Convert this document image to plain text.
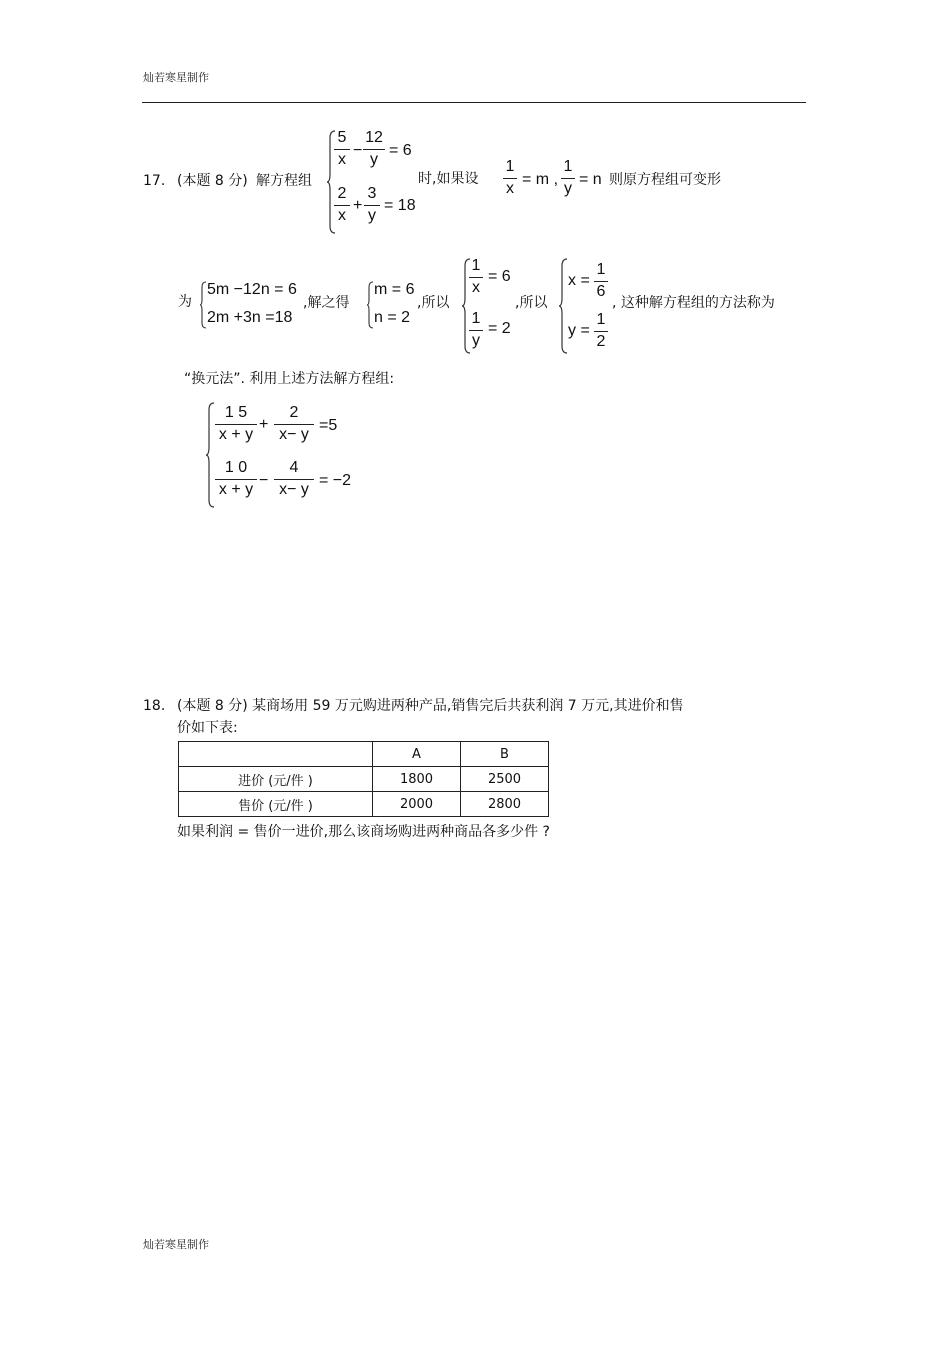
灿若寒星制作
灿若寒星制作
17. (本题 8 分) 解方程组
$\frac{5}{x} - \frac{12}{y} = 6$
$\frac{2}{x} + \frac{3}{y} = 18$
时,如果设 $\frac{1}{x} = m$ , $\frac{1}{y} = n$ 则原方程组可变形
为
5m −12n = 6
2m +3n =18
,解之得
m = 6
n = 2
,所以
$\frac{1}{x} = 6$
$\frac{1}{y} = 2$
,所以
$x = \frac{1}{6}$
$y = \frac{1}{2}$
, 这种解方程组的方法称为
“换元法”. 利用上述方法解方程组:
$\frac{1 5}{x + y} + \frac{2}{x- y} =5$
$\frac{1 0}{x + y} - \frac{4}{x- y} = -2$
18. (本题 8 分) 某商场用 59 万元购进两种产品,销售完后共获利润 7 万元,其进价和售
价如下表:
	A	B
进价 (元/件 )	1800	2500
售价 (元/件 )	2000	2800
如果利润 = 售价一进价,那么该商场购进两种商品各多少件 ?
